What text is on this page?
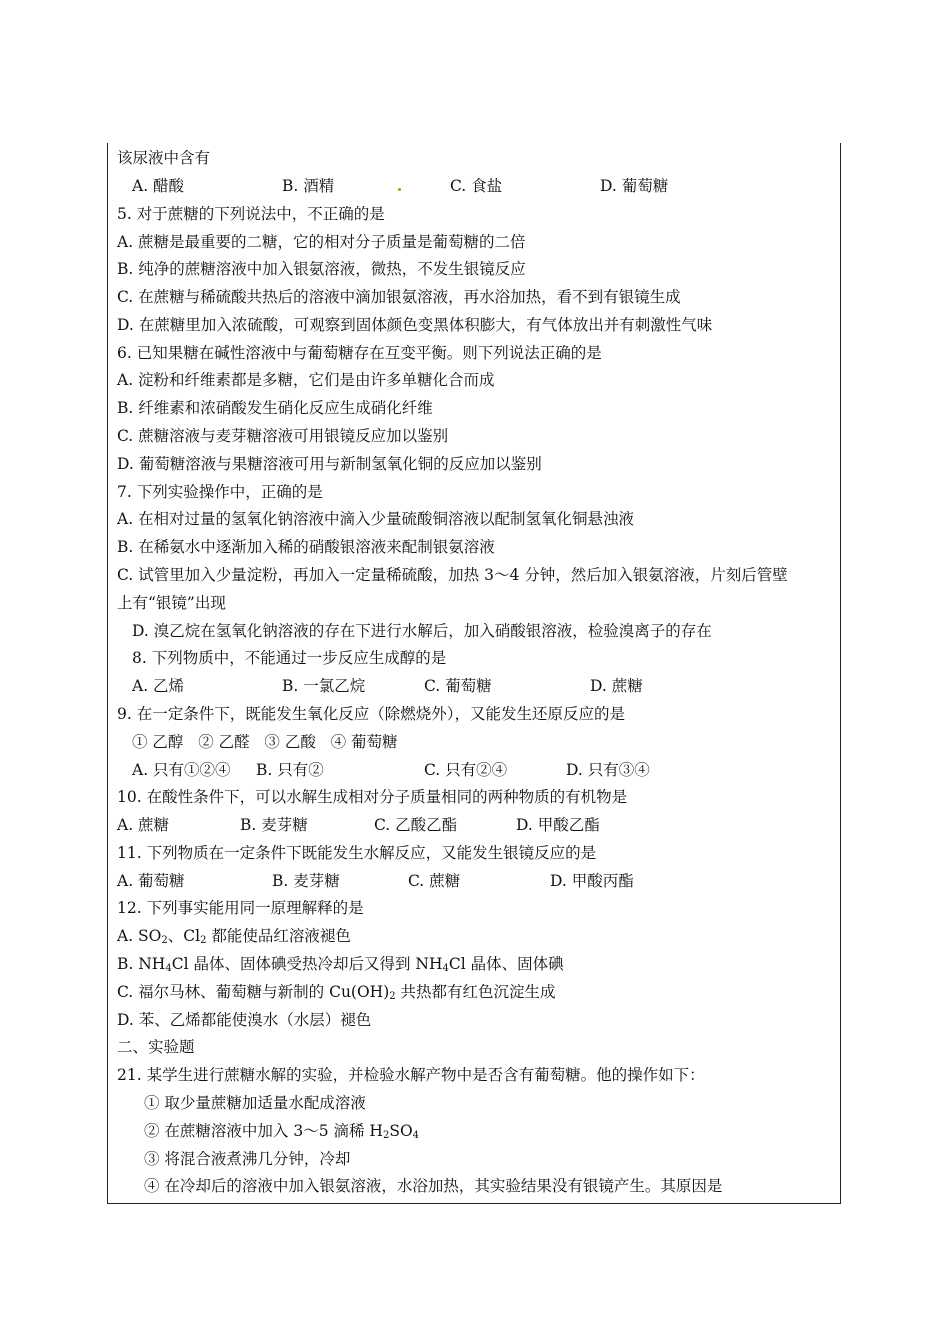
该尿液中含有
A. 醋酸	B. 酒精	C. 食盐	D. 葡萄糖
5. 对于蔗糖的下列说法中，不正确的是
A. 蔗糖是最重要的二糖，它的相对分子质量是葡萄糖的二倍
B. 纯净的蔗糖溶液中加入银氨溶液，微热，不发生银镜反应
C. 在蔗糖与稀硫酸共热后的溶液中滴加银氨溶液，再水浴加热，看不到有银镜生成
D. 在蔗糖里加入浓硫酸，可观察到固体颜色变黑体积膨大，有气体放出并有刺激性气味
6. 已知果糖在碱性溶液中与葡萄糖存在互变平衡。则下列说法正确的是
A. 淀粉和纤维素都是多糖，它们是由许多单糖化合而成
B. 纤维素和浓硝酸发生硝化反应生成硝化纤维
C. 蔗糖溶液与麦芽糖溶液可用银镜反应加以鉴别
D. 葡萄糖溶液与果糖溶液可用与新制氢氧化铜的反应加以鉴别
7. 下列实验操作中，正确的是
A. 在相对过量的氢氧化钠溶液中滴入少量硫酸铜溶液以配制氢氧化铜悬浊液
B. 在稀氨水中逐渐加入稀的硝酸银溶液来配制银氨溶液
C. 试管里加入少量淀粉，再加入一定量稀硫酸，加热 3～4 分钟，然后加入银氨溶液，片刻后管壁
上有“银镜”出现
D. 溴乙烷在氢氧化钠溶液的存在下进行水解后，加入硝酸银溶液，检验溴离子的存在
8. 下列物质中，不能通过一步反应生成醇的是
A. 乙烯	B. 一氯乙烷	C. 葡萄糖	D. 蔗糖
9. 在一定条件下，既能发生氧化反应（除燃烧外），又能发生还原反应的是
① 乙醇   ② 乙醛   ③ 乙酸   ④ 葡萄糖
A. 只有①②④ B. 只有②	C. 只有②④	D. 只有③④
10. 在酸性条件下，可以水解生成相对分子质量相同的两种物质的有机物是
A. 蔗糖	B. 麦芽糖	C. 乙酸乙酯	D. 甲酸乙酯
11. 下列物质在一定条件下既能发生水解反应，又能发生银镜反应的是
A. 葡萄糖	B. 麦芽糖	C. 蔗糖	D. 甲酸丙酯
12. 下列事实能用同一原理解释的是
A. $SO_2$、$Cl_2$ 都能使品红溶液褪色
B. $NH_4Cl$ 晶体、固体碘受热冷却后又得到 $NH_4Cl$ 晶体、固体碘
C. 福尔马林、葡萄糖与新制的 $Cu(OH)_2$ 共热都有红色沉淀生成
D. 苯、乙烯都能使溴水（水层）褪色
二、实验题
21. 某学生进行蔗糖水解的实验，并检验水解产物中是否含有葡萄糖。他的操作如下：
① 取少量蔗糖加适量水配成溶液
② 在蔗糖溶液中加入 3～5 滴稀 $H_2SO_4$
③ 将混合液煮沸几分钟，冷却
④ 在冷却后的溶液中加入银氨溶液，水浴加热，其实验结果没有银镜产生。其原因是
